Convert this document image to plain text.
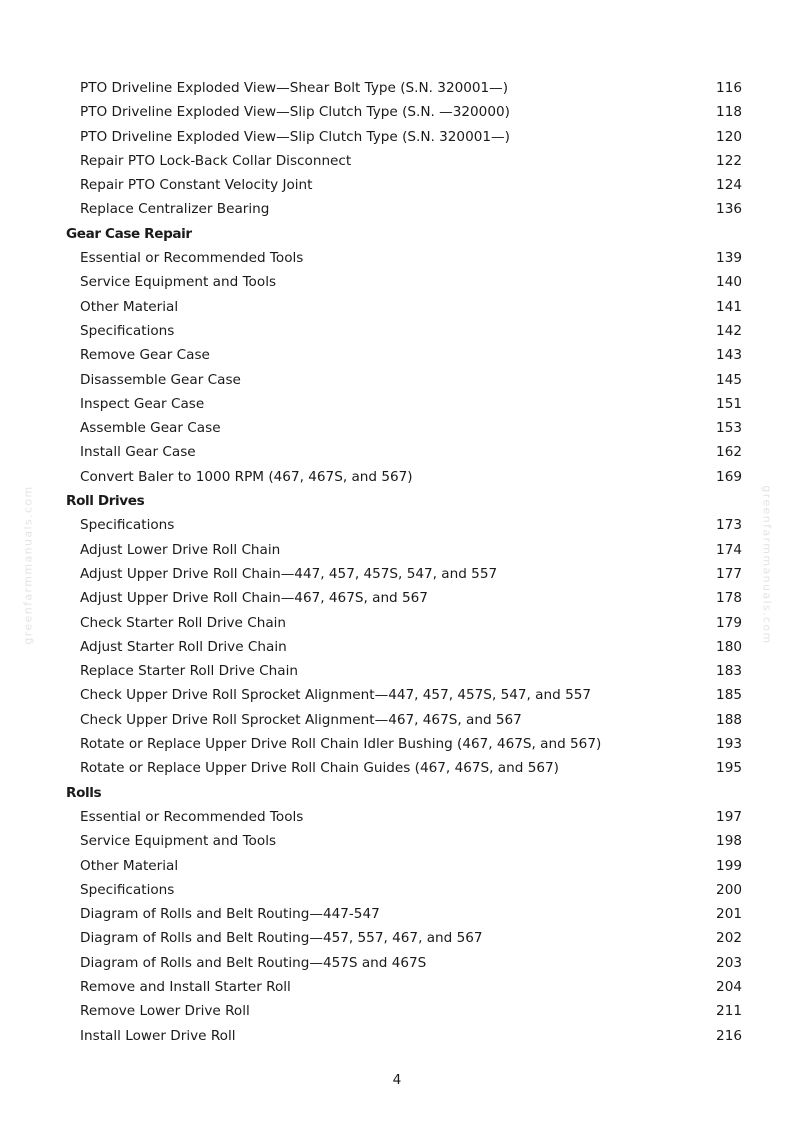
greenfarmmanuals.com	greenfarmmanuals.com
PTO Driveline Exploded View—Shear Bolt Type (S.N. 320001—)	116
PTO Driveline Exploded View—Slip Clutch Type (S.N. —320000)	118
PTO Driveline Exploded View—Slip Clutch Type (S.N. 320001—)	120
Repair PTO Lock-Back Collar Disconnect	122
Repair PTO Constant Velocity Joint	124
Replace Centralizer Bearing	136
Gear Case Repair
Essential or Recommended Tools	139
Service Equipment and Tools	140
Other Material	141
Specifications	142
Remove Gear Case	143
Disassemble Gear Case	145
Inspect Gear Case	151
Assemble Gear Case	153
Install Gear Case	162
Convert Baler to 1000 RPM (467, 467S, and 567)	169
Roll Drives
Specifications	173
Adjust Lower Drive Roll Chain	174
Adjust Upper Drive Roll Chain—447, 457, 457S, 547, and 557	177
Adjust Upper Drive Roll Chain—467, 467S, and 567	178
Check Starter Roll Drive Chain	179
Adjust Starter Roll Drive Chain	180
Replace Starter Roll Drive Chain	183
Check Upper Drive Roll Sprocket Alignment—447, 457, 457S, 547, and 557	185
Check Upper Drive Roll Sprocket Alignment—467, 467S, and 567	188
Rotate or Replace Upper Drive Roll Chain Idler Bushing (467, 467S, and 567)	193
Rotate or Replace Upper Drive Roll Chain Guides (467, 467S, and 567)	195
Rolls
Essential or Recommended Tools	197
Service Equipment and Tools	198
Other Material	199
Specifications	200
Diagram of Rolls and Belt Routing—447-547	201
Diagram of Rolls and Belt Routing—457, 557, 467, and 567	202
Diagram of Rolls and Belt Routing—457S and 467S	203
Remove and Install Starter Roll	204
Remove Lower Drive Roll	211
Install Lower Drive Roll	216
4
